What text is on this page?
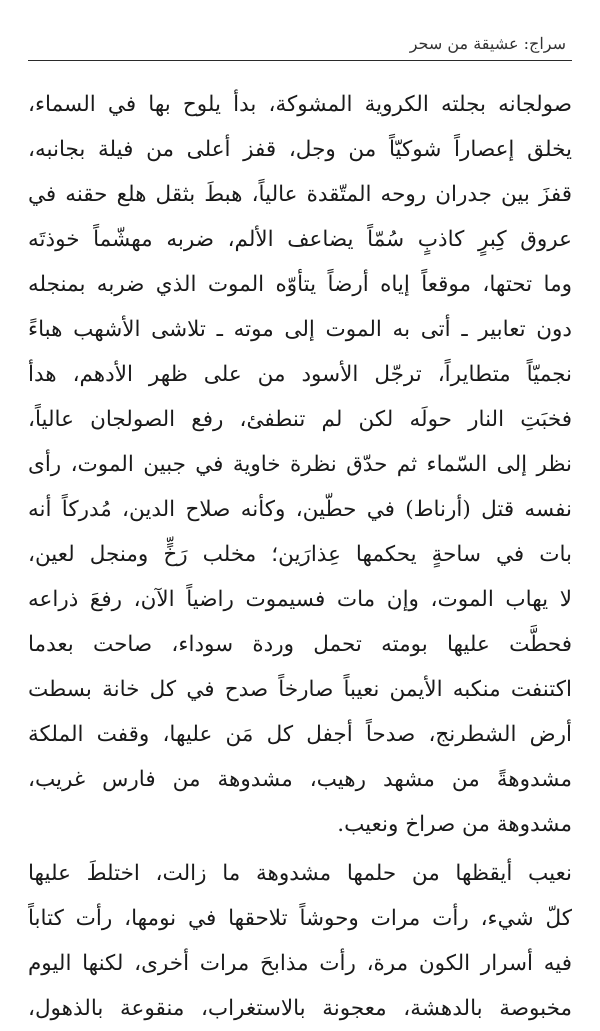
سراج: عشيقة من سحر
صولجانه بجلته الكروية المشوكة، بدأ يلوح بها في السماء،
يخلق إعصاراً شوكيّاً من وجل، قفز أعلى من فيلة بجانبه،
قفزَ بين جدران روحه المتّقدة عالياً، هبطَ بثقل هلع حقنه في
عروق كِبرٍ كاذبٍ سُمّاً يضاعف الألم، ضربه مهشّماً خوذتَه
وما تحتها، موقعاً إياه أرضاً يتأوّه الموت الذي ضربه بمنجله
دون تعابير ـ أتى به الموت إلى موته ـ تلاشى الأشهب هباءً
نجميّاً متطايراً، ترجّل الأسود من على ظهر الأدهم، هدأ
فخبَتِ النار حولَه لكن لم تنطفئ، رفع الصولجان عالياً،
نظر إلى السّماء ثم حدّق نظرة خاوية في جبين الموت، رأى
نفسه قتل (أرناط) في حطّين، وكأنه صلاح الدين، مُدركاً أنه
بات في ساحةٍ يحكمها عِذارَين؛ مخلب رَخٍّ ومنجل لعين،
لا يهاب الموت، وإن مات فسيموت راضياً الآن، رفعَ ذراعه
فحطَّت عليها بومته تحمل وردة سوداء، صاحت بعدما
اكتنفت منكبه الأيمن نعيباً صارخاً صدح في كل خانة بسطت
أرض الشطرنج، صدحاً أجفل كل مَن عليها، وقفت الملكة
مشدوهةً من مشهد رهيب، مشدوهة من فارس غريب،
مشدوهة من صراخ ونعيب.
نعيب أيقظها من حلمها مشدوهة ما زالت، اختلطَ عليها
كلّ شيء، رأت مرات وحوشاً تلاحقها في نومها، رأت كتاباً
فيه أسرار الكون مرة، رأت مذابحَ مرات أخرى، لكنها اليوم
مخبوصة بالدهشة، معجونة بالاستغراب، منقوعة بالذهول،
